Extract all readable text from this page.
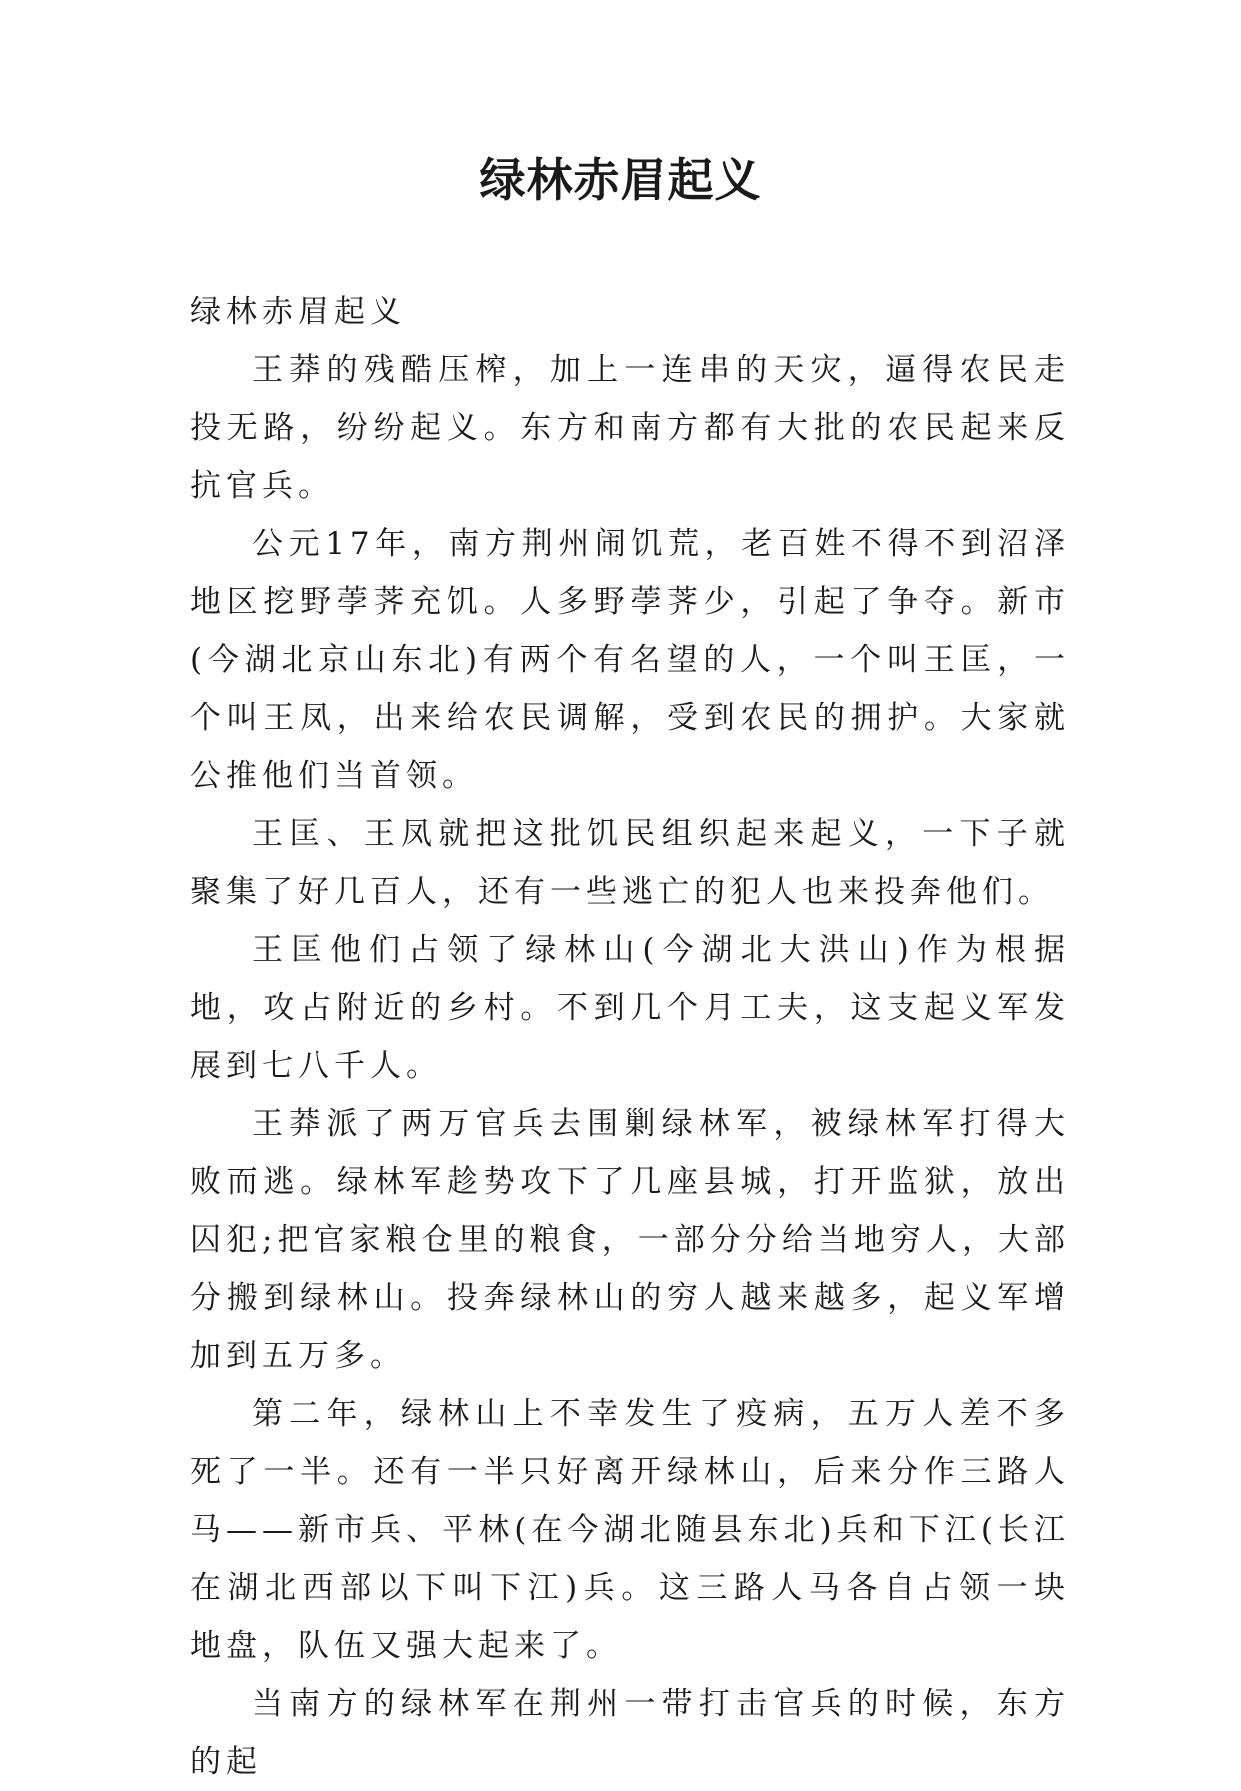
绿林赤眉起义

绿林赤眉起义

王莽的残酷压榨，加上一连串的天灾，逼得农民走投无路，纷纷起义。东方和南方都有大批的农民起来反抗官兵。

公元17年，南方荆州闹饥荒，老百姓不得不到沼泽地区挖野荸荠充饥。人多野荸荠少，引起了争夺。新市(今湖北京山东北)有两个有名望的人，一个叫王匡，一个叫王凤，出来给农民调解，受到农民的拥护。大家就公推他们当首领。

王匡、王凤就把这批饥民组织起来起义，一下子就聚集了好几百人，还有一些逃亡的犯人也来投奔他们。

王匡他们占领了绿林山(今湖北大洪山)作为根据地，攻占附近的乡村。不到几个月工夫，这支起义军发展到七八千人。

王莽派了两万官兵去围剿绿林军，被绿林军打得大败而逃。绿林军趁势攻下了几座县城，打开监狱，放出囚犯;把官家粮仓里的粮食，一部分分给当地穷人，大部分搬到绿林山。投奔绿林山的穷人越来越多，起义军增加到五万多。

第二年，绿林山上不幸发生了疫病，五万人差不多死了一半。还有一半只好离开绿林山，后来分作三路人马——新市兵、平林(在今湖北随县东北)兵和下江(长江在湖北西部以下叫下江)兵。这三路人马各自占领一块地盘，队伍又强大起来了。

当南方的绿林军在荆州一带打击官兵的时候，东方的起
